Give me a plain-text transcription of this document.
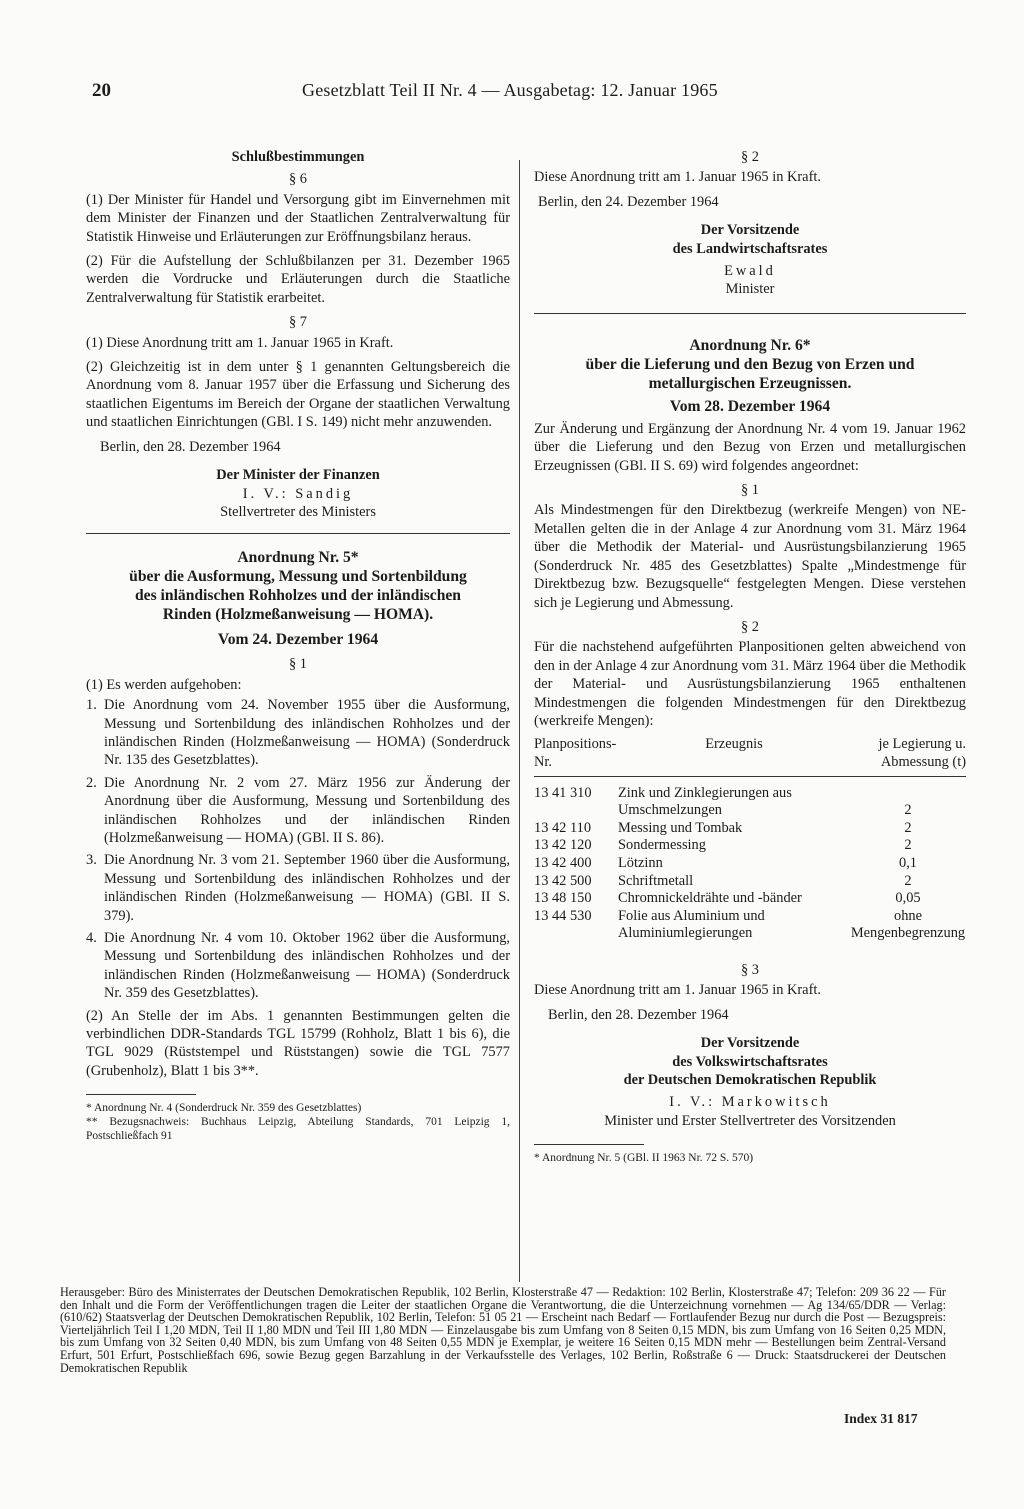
20	Gesetzblatt Teil II Nr. 4 — Ausgabetag: 12. Januar 1965
Schlußbestimmungen
§ 6

(1) Der Minister für Handel und Versorgung gibt im Einvernehmen mit dem Minister der Finanzen und der Staatlichen Zentralverwaltung für Statistik Hinweise und Erläuterungen zur Eröffnungsbilanz heraus.

(2) Für die Aufstellung der Schlußbilanzen per 31. Dezember 1965 werden die Vordrucke und Erläuterungen durch die Staatliche Zentralverwaltung für Statistik erarbeitet.

§ 7

(1) Diese Anordnung tritt am 1. Januar 1965 in Kraft.

(2) Gleichzeitig ist in dem unter § 1 genannten Geltungsbereich die Anordnung vom 8. Januar 1957 über die Erfassung und Sicherung des staatlichen Eigentums im Bereich der Organe der staatlichen Verwaltung und staatlichen Einrichtungen (GBl. I S. 149) nicht mehr anzuwenden.

Berlin, den 28. Dezember 1964
Der Minister der Finanzen
I. V.: Sandig
Stellvertreter des Ministers
Anordnung Nr. 5*
über die Ausformung, Messung und Sortenbildung
des inländischen Rohholzes und der inländischen
Rinden (Holzmeßanweisung — HOMA).
Vom 24. Dezember 1964
§ 1

(1) Es werden aufgehoben:

1. Die Anordnung vom 24. November 1955 über die Ausformung, Messung und Sortenbildung des inländischen Rohholzes und der inländischen Rinden (Holzmeßanweisung — HOMA) (Sonderdruck Nr. 135 des Gesetzblattes).
2. Die Anordnung Nr. 2 vom 27. März 1956 zur Änderung der Anordnung über die Ausformung, Messung und Sortenbildung des inländischen Rohholzes und der inländischen Rinden (Holzmeßanweisung — HOMA) (GBl. II S. 86).
3. Die Anordnung Nr. 3 vom 21. September 1960 über die Ausformung, Messung und Sortenbildung des inländischen Rohholzes und der inländischen Rinden (Holzmeßanweisung — HOMA) (GBl. II S. 379).
4. Die Anordnung Nr. 4 vom 10. Oktober 1962 über die Ausformung, Messung und Sortenbildung des inländischen Rohholzes und der inländischen Rinden (Holzmeßanweisung — HOMA) (Sonderdruck Nr. 359 des Gesetzblattes).

(2) An Stelle der im Abs. 1 genannten Bestimmungen gelten die verbindlichen DDR-Standards TGL 15799 (Rohholz, Blatt 1 bis 6), die TGL 9029 (Rüststempel und Rüststangen) sowie die TGL 7577 (Grubenholz), Blatt 1 bis 3**.

* Anordnung Nr. 4 (Sonderdruck Nr. 359 des Gesetzblattes)

** Bezugsnachweis: Buchhaus Leipzig, Abteilung Standards, 701 Leipzig 1, Postschließfach 91

§ 2

Diese Anordnung tritt am 1. Januar 1965 in Kraft.

Berlin, den 24. Dezember 1964
Der Vorsitzende
des Landwirtschaftsrates
Ewald
Minister
Anordnung Nr. 6*
über die Lieferung und den Bezug von Erzen und
metallurgischen Erzeugnissen.
Vom 28. Dezember 1964

Zur Änderung und Ergänzung der Anordnung Nr. 4 vom 19. Januar 1962 über die Lieferung und den Bezug von Erzen und metallurgischen Erzeugnissen (GBl. II S. 69) wird folgendes angeordnet:

§ 1

Als Mindestmengen für den Direktbezug (werkreife Mengen) von NE-Metallen gelten die in der Anlage 4 zur Anordnung vom 31. März 1964 über die Methodik der Material- und Ausrüstungsbilanzierung 1965 (Sonderdruck Nr. 485 des Gesetzblattes) Spalte „Mindestmenge für Direktbezug bzw. Bezugsquelle“ festgelegten Mengen. Diese verstehen sich je Legierung und Abmessung.

§ 2

Für die nachstehend aufgeführten Planpositionen gelten abweichend von den in der Anlage 4 zur Anordnung vom 31. März 1964 über die Methodik der Material- und Ausrüstungsbilanzierung 1965 enthaltenen Mindestmengen die folgenden Mindestmengen für den Direktbezug (werkreife Mengen):

Planpositions-Nr.	Erzeugnis	je Legierung u. Abmessung (t)

13 41 310	Zink und Zinklegierungen aus Umschmelzungen	2
13 42 110	Messing und Tombak	2
13 42 120	Sondermessing	2
13 42 400	Lötzinn	0,1
13 42 500	Schriftmetall	2
13 48 150	Chromnickeldrähte und -bänder	0,05
13 44 530	Folie aus Aluminium und Aluminiumlegierungen	ohne Mengenbegrenzung
§ 3

Diese Anordnung tritt am 1. Januar 1965 in Kraft.

Berlin, den 28. Dezember 1964
Der Vorsitzende
des Volkswirtschaftsrates
der Deutschen Demokratischen Republik
I. V.: Markowitsch
Minister und Erster Stellvertreter des Vorsitzenden

* Anordnung Nr. 5 (GBl. II 1963 Nr. 72 S. 570)

Herausgeber: Büro des Ministerrates der Deutschen Demokratischen Republik, 102 Berlin, Klosterstraße 47 — Redaktion: 102 Berlin, Klosterstraße 47; Telefon: 209 36 22 — Für den Inhalt und die Form der Veröffentlichungen tragen die Leiter der staatlichen Organe die Verantwortung, die die Unterzeichnung vornehmen — Ag 134/65/DDR — Verlag: (610/62) Staatsverlag der Deutschen Demokratischen Republik, 102 Berlin, Telefon: 51 05 21 — Erscheint nach Bedarf — Fortlaufender Bezug nur durch die Post — Bezugspreis: Vierteljährlich Teil I 1,20 MDN, Teil II 1,80 MDN und Teil III 1,80 MDN — Einzelausgabe bis zum Umfang von 8 Seiten 0,15 MDN, bis zum Umfang von 16 Seiten 0,25 MDN, bis zum Umfang von 32 Seiten 0,40 MDN, bis zum Umfang von 48 Seiten 0,55 MDN je Exemplar, je weitere 16 Seiten 0,15 MDN mehr — Bestellungen beim Zentral-Versand Erfurt, 501 Erfurt, Postschließfach 696, sowie Bezug gegen Barzahlung in der Verkaufsstelle des Verlages, 102 Berlin, Roßstraße 6 — Druck: Staatsdruckerei der Deutschen Demokratischen Republik
Index 31 817
